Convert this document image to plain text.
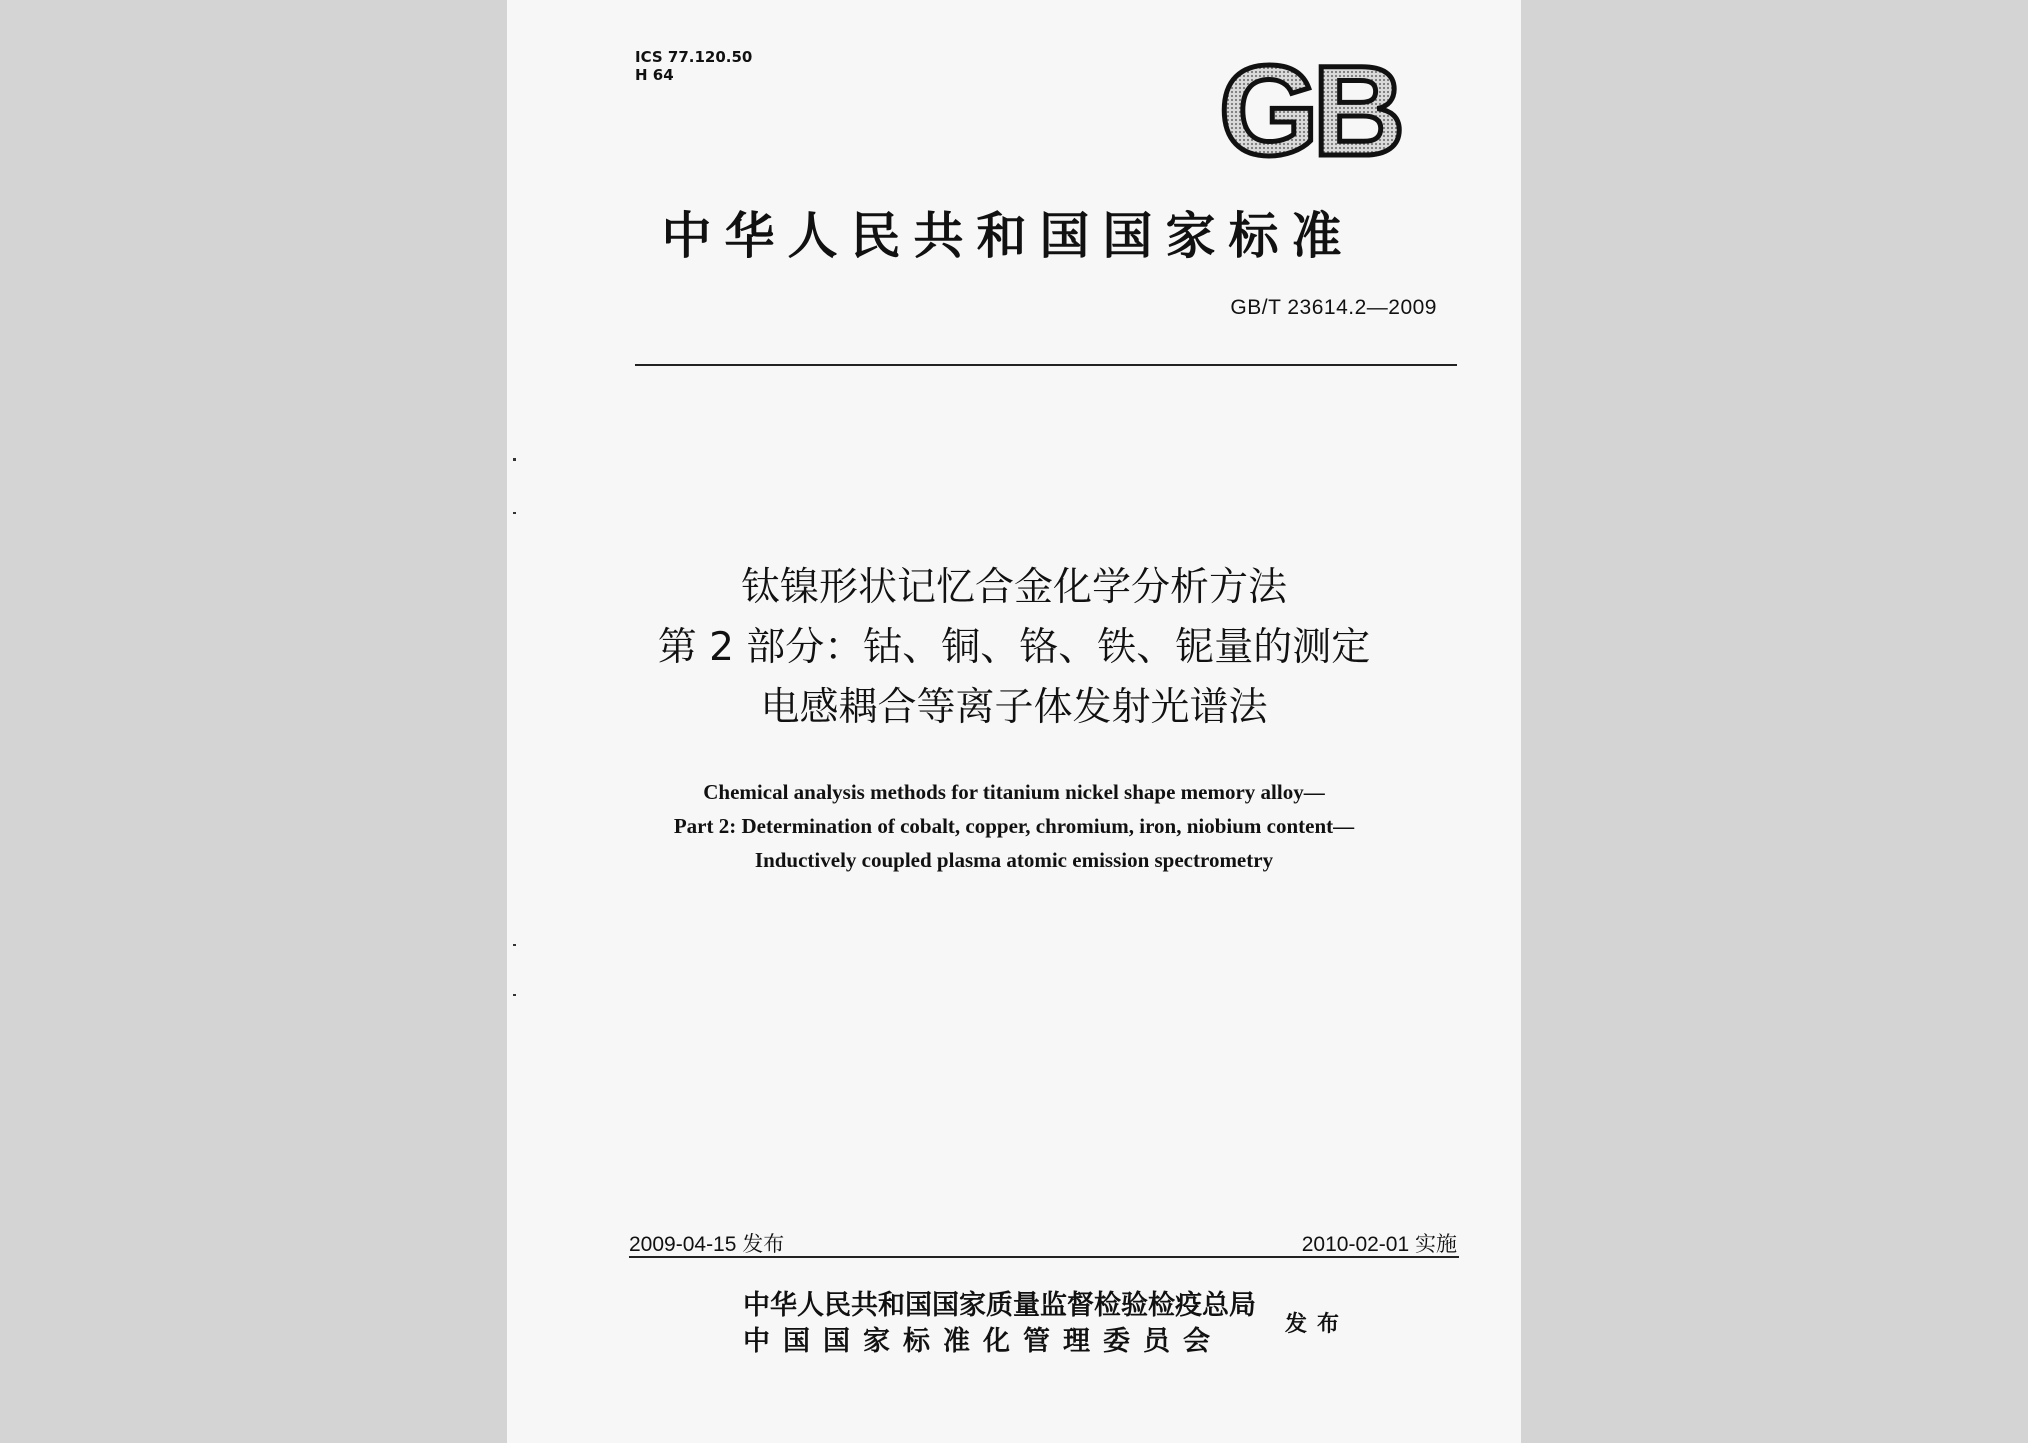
ICS 77.120.50
H 64	GB
中华人民共和国国家标准
GB/T 23614.2—2009
钛镍形状记忆合金化学分析方法
第 2 部分：钴、铜、铬、铁、铌量的测定
电感耦合等离子体发射光谱法
Chemical analysis methods for titanium nickel shape memory alloy—
Part 2: Determination of cobalt, copper, chromium, iron, niobium content—
Inductively coupled plasma atomic emission spectrometry
2009-04-15 发布	2010-02-01 实施
中华人民共和国国家质量监督检验检疫总局
中国国家标准化管理委员会
发布
